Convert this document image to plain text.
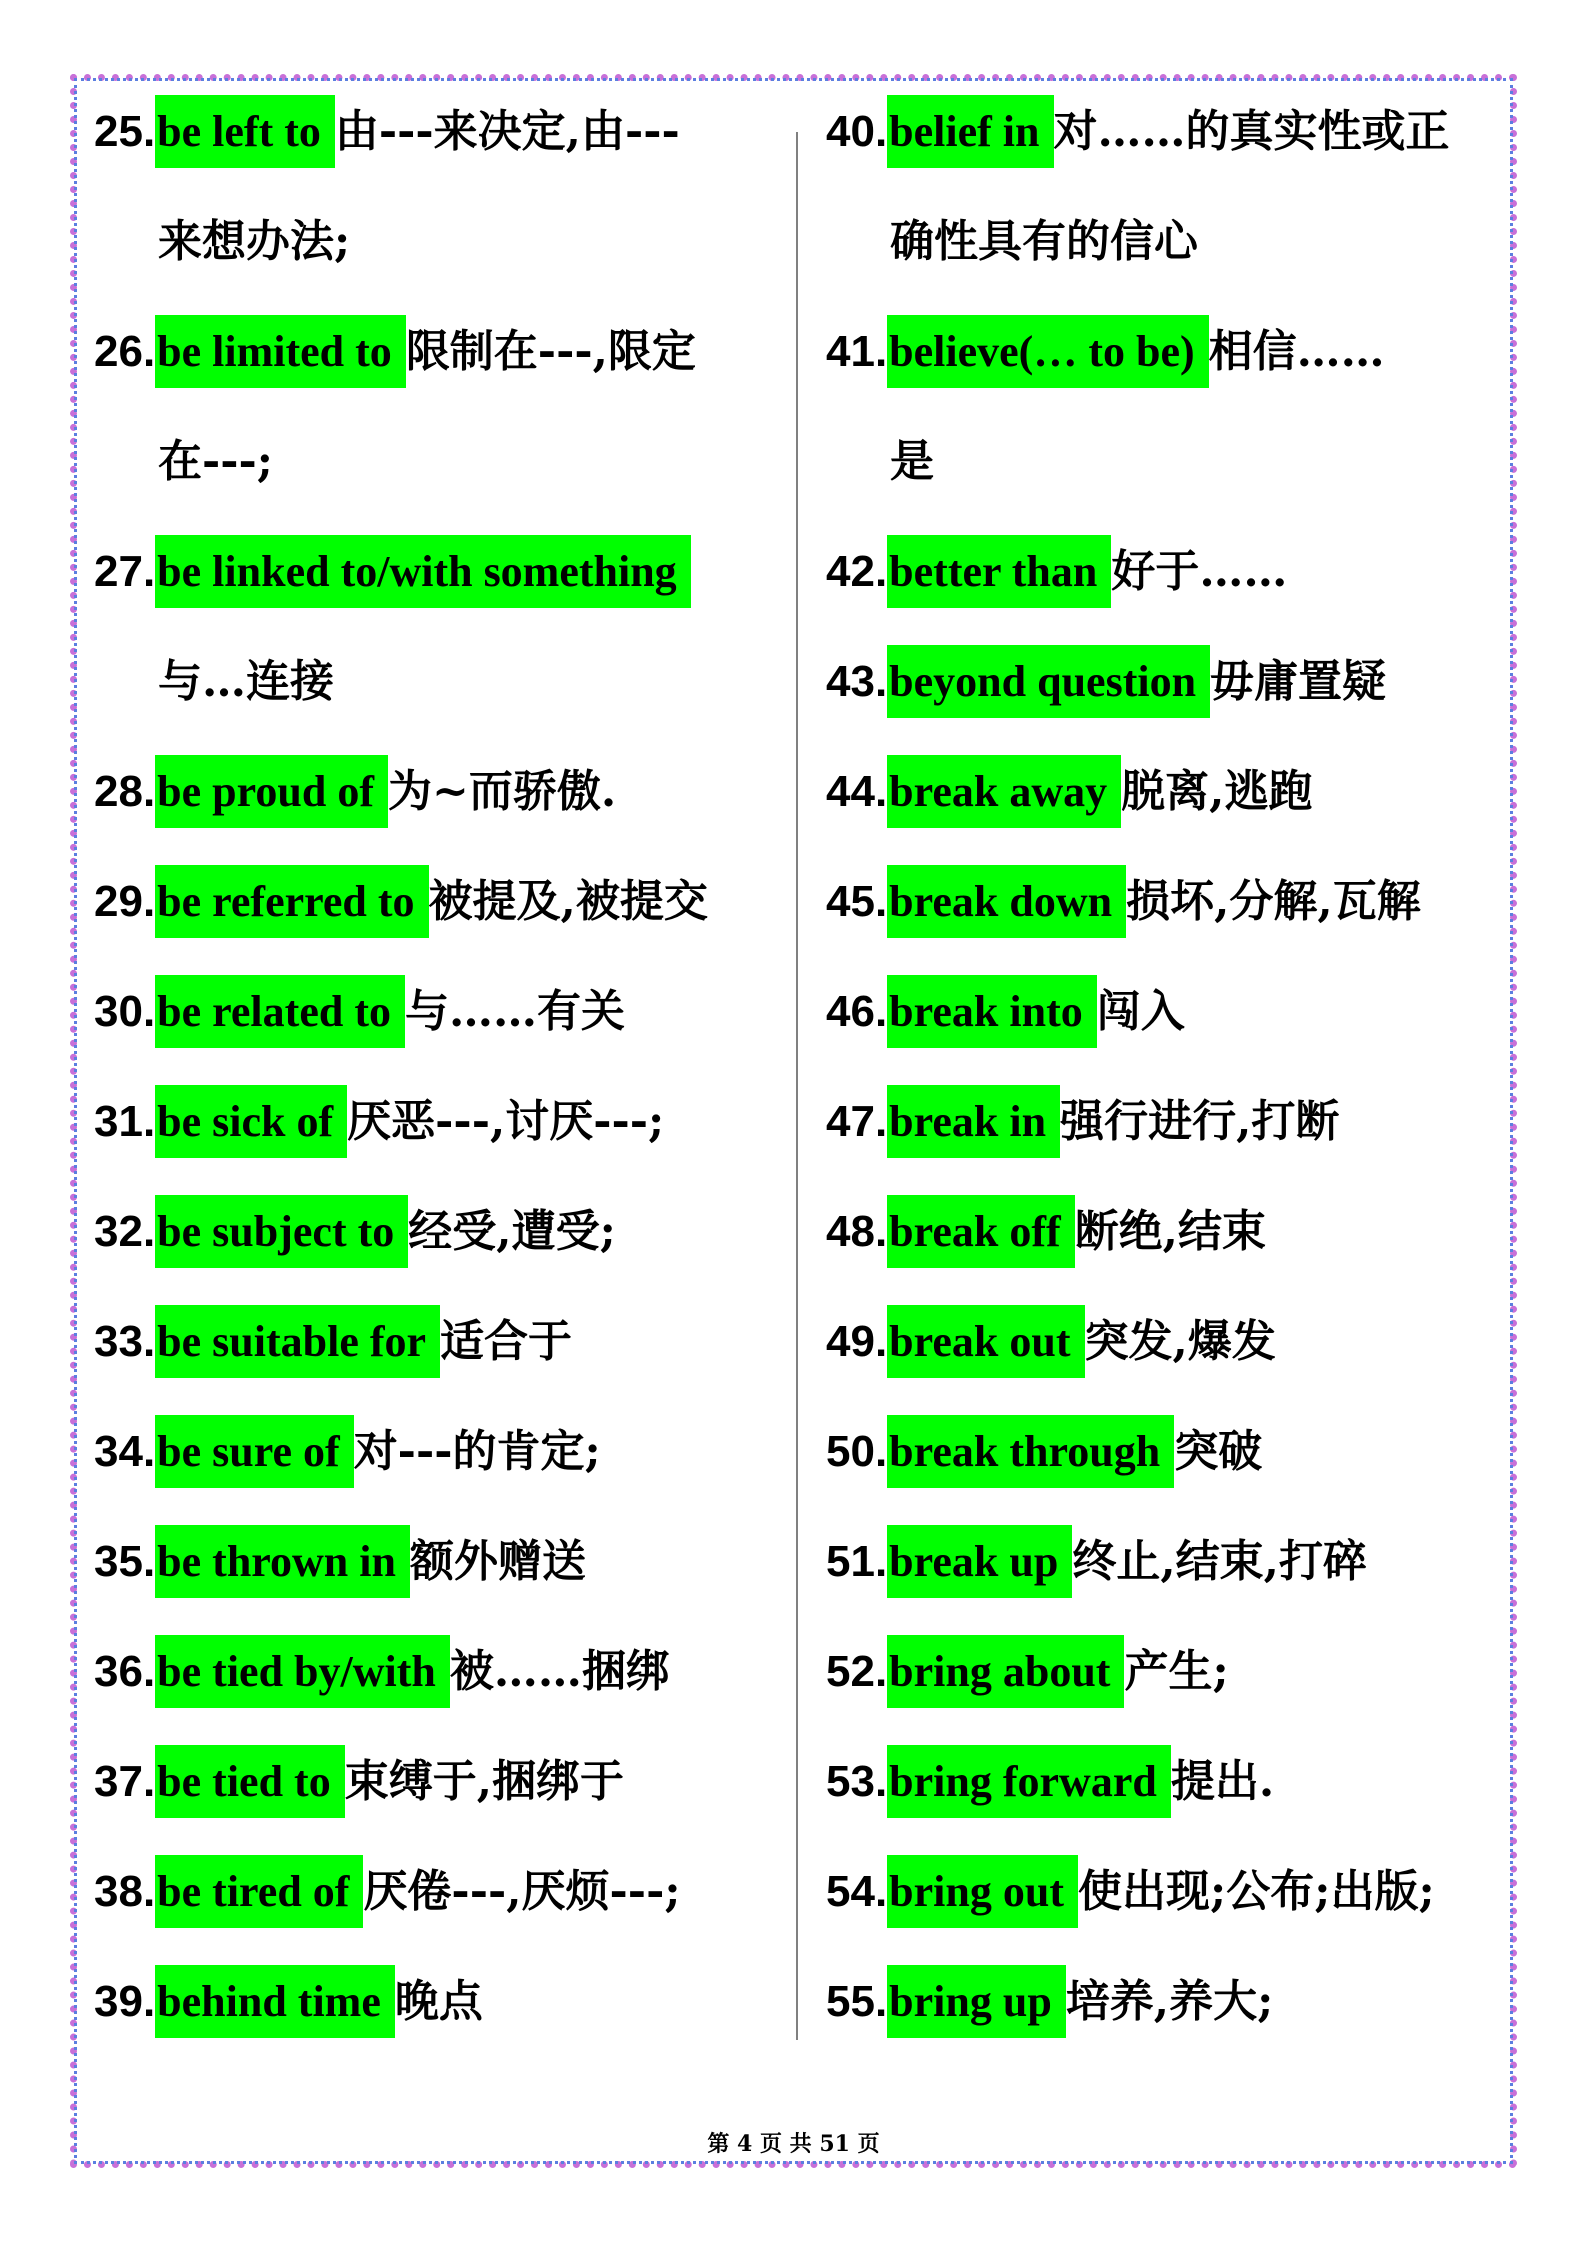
25.be left to 由---来决定,由---
来想办法;
26.be limited to 限制在---,限定
在---;
27.be linked to/with something
与…连接
28.be proud of 为~而骄傲.
29.be referred to 被提及,被提交
30.be related to 与……有关
31.be sick of 厌恶---,讨厌---;
32.be subject to 经受,遭受;
33.be suitable for 适合于
34.be sure of 对---的肯定;
35.be thrown in 额外赠送
36.be tied by/with 被……捆绑
37.be tied to 束缚于,捆绑于
38.be tired of 厌倦---,厌烦---;
39.behind time 晚点
40.belief in 对……的真实性或正
确性具有的信心
41.believe(… to be) 相信……
是
42.better than 好于……
43.beyond question 毋庸置疑
44.break away 脱离,逃跑
45.break down 损坏,分解,瓦解
46.break into 闯入
47.break in 强行进行,打断
48.break off 断绝,结束
49.break out 突发,爆发
50.break through 突破
51.break up 终止,结束,打碎
52.bring about 产生;
53.bring forward 提出.
54.bring out 使出现;公布;出版;
55.bring up 培养,养大;
第 4 页 共 51 页
